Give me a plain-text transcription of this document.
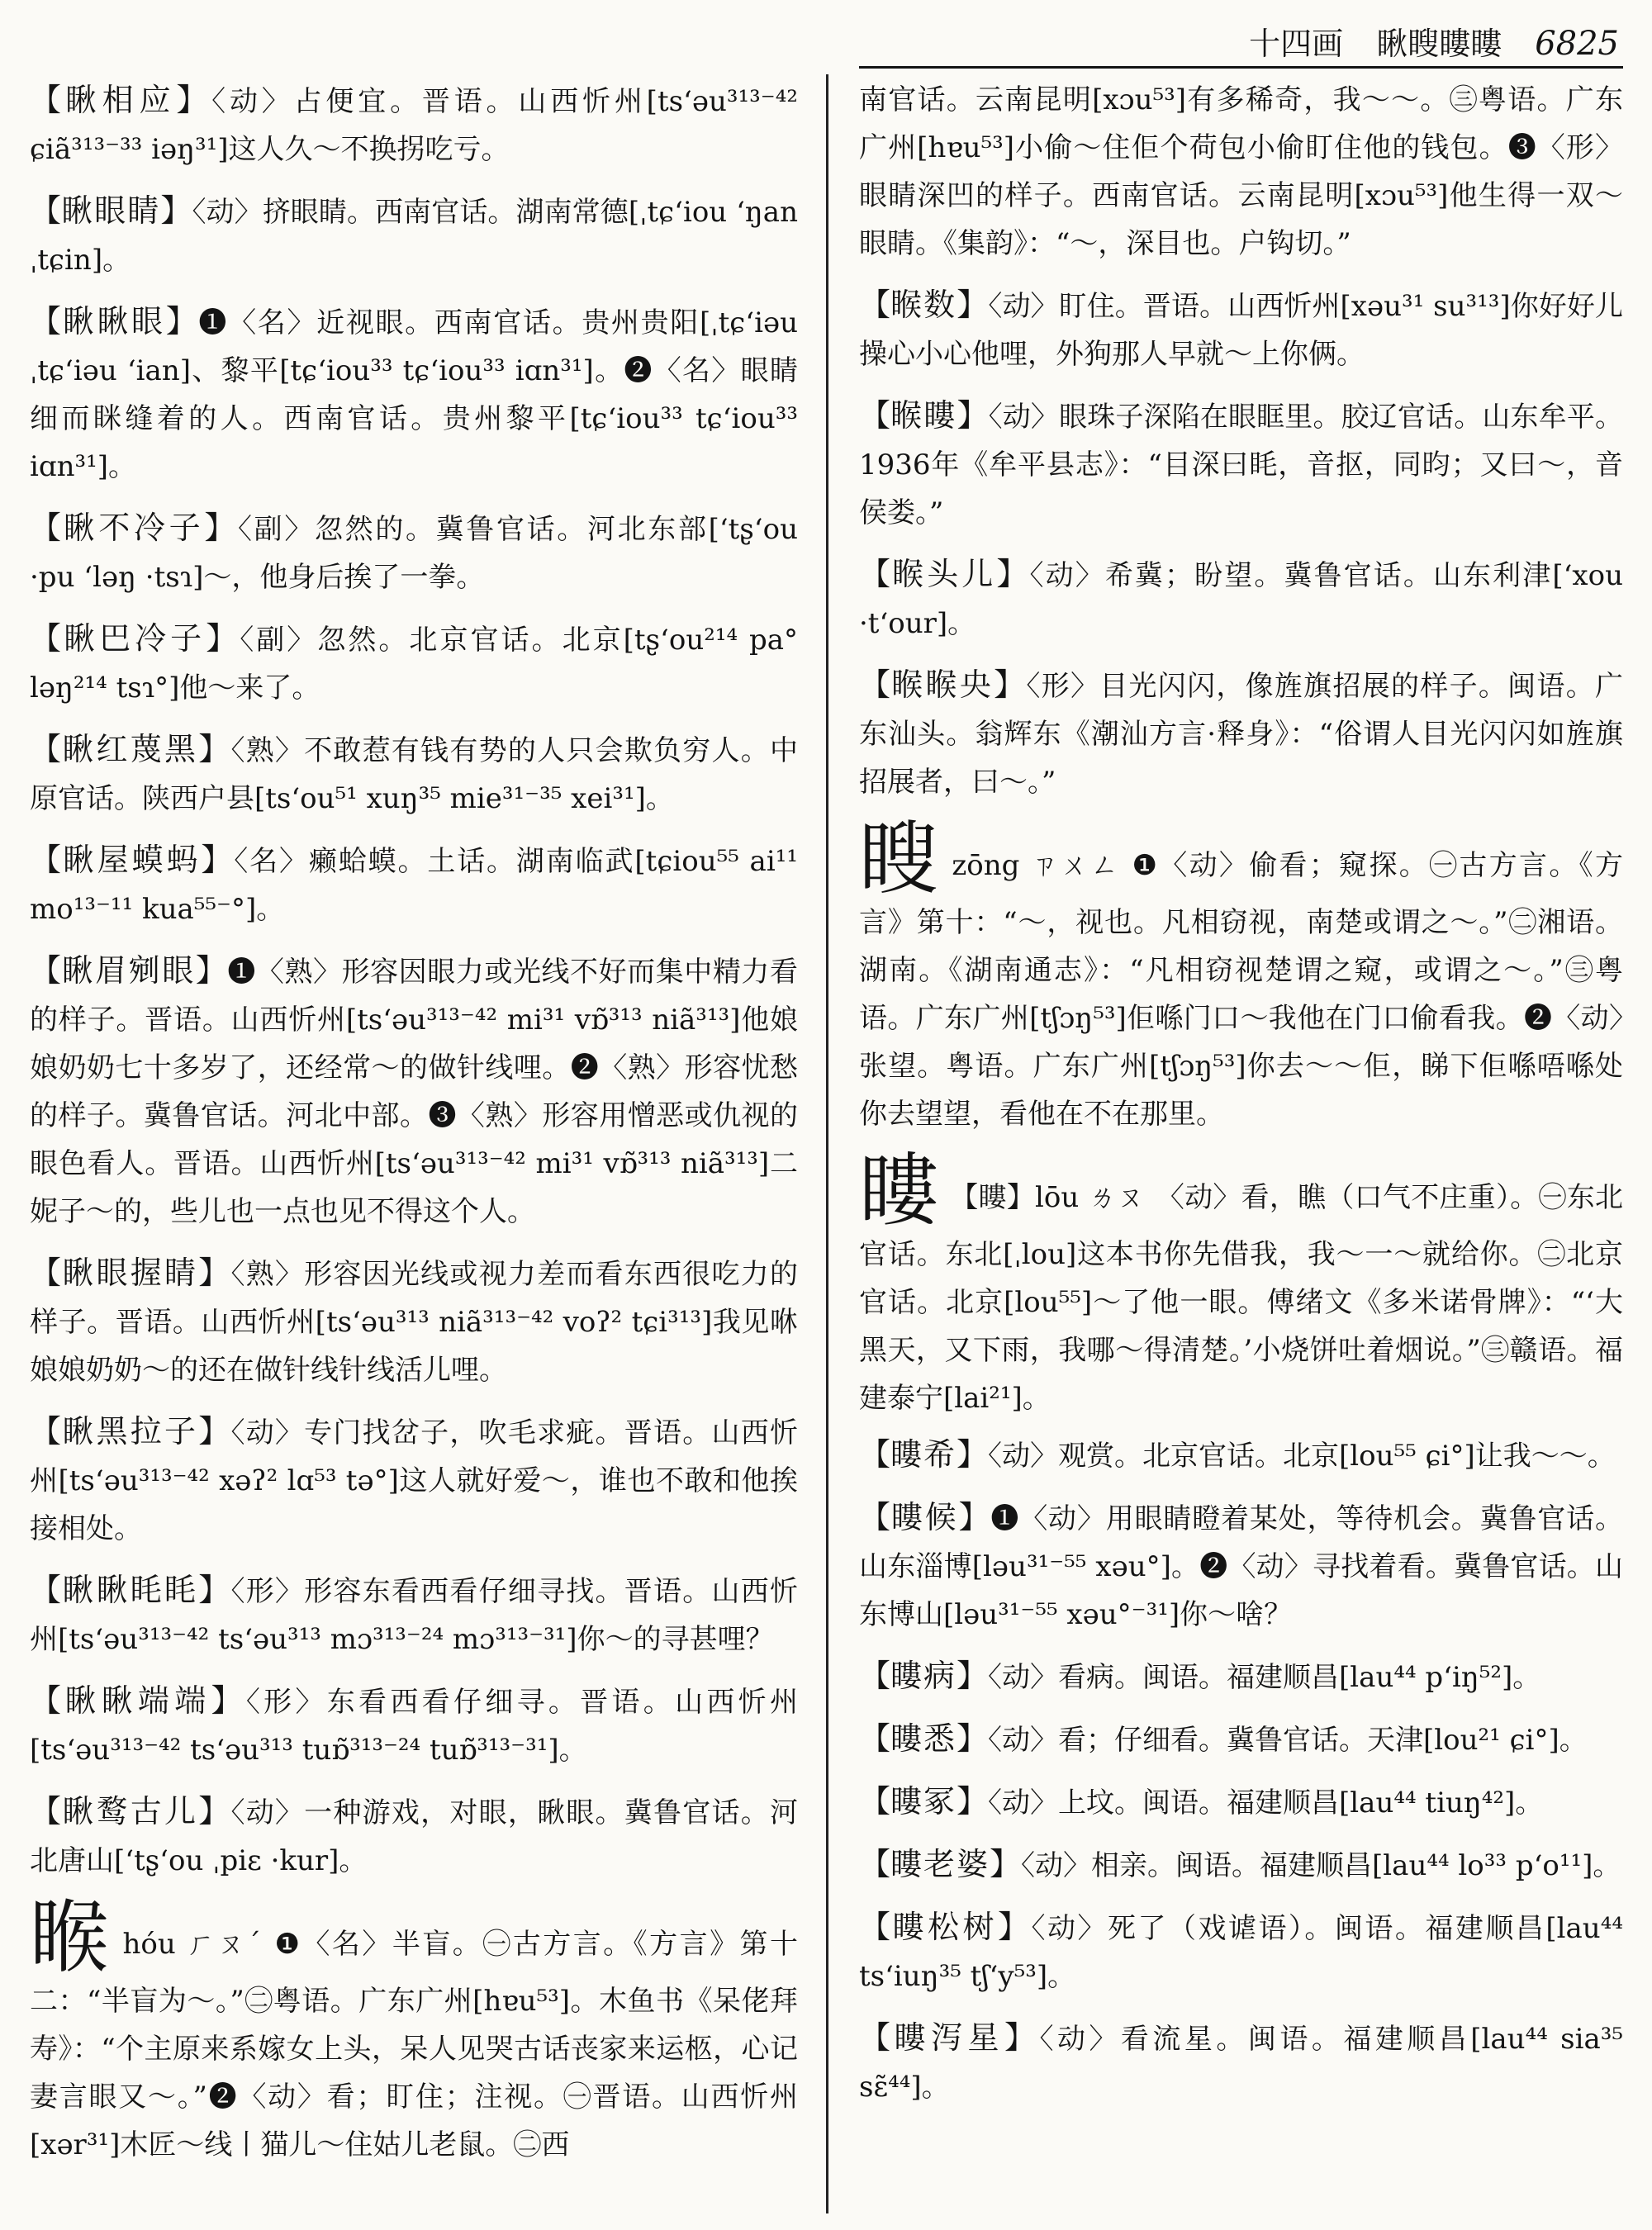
十四画 瞅瞍瞜瞜 6825
【瞅相应】〈动〉占便宜。晋语。山西忻州[tsʻəu³¹³⁻⁴² ɕiã³¹³⁻³³ iəŋ³¹]这人久～不换拐吃亏。
【瞅眼睛】〈动〉挤眼睛。西南官话。湖南常德[ˌtɕʻiou ʻŋan ˌtɕin]。
【瞅瞅眼】❶〈名〉近视眼。西南官话。贵州贵阳[ˌtɕʻiəu ˌtɕʻiəu ʻian]、黎平[tɕʻiou³³ tɕʻiou³³ iɑn³¹]。❷〈名〉眼睛细而眯缝着的人。西南官话。贵州黎平[tɕʻiou³³ tɕʻiou³³ iɑn³¹]。
【瞅不冷子】〈副〉忽然的。冀鲁官话。河北东部[ʻtʂʻou ·pu ʻləŋ ·tsɿ]～，他身后挨了一拳。
【瞅巴冷子】〈副〉忽然。北京官话。北京[tʂʻou²¹⁴ pa° ləŋ²¹⁴ tsɿ°]他～来了。
【瞅红蔑黑】〈熟〉不敢惹有钱有势的人只会欺负穷人。中原官话。陕西户县[tsʻou⁵¹ xuŋ³⁵ mie³¹⁻³⁵ xei³¹]。
【瞅屋蟆蚂】〈名〉癞蛤蟆。土话。湖南临武[tɕiou⁵⁵ ai¹¹ mo¹³⁻¹¹ kua⁵⁵⁻°]。
【瞅眉剜眼】❶〈熟〉形容因眼力或光线不好而集中精力看的样子。晋语。山西忻州[tsʻəu³¹³⁻⁴² mi³¹ vɒ̃³¹³ niã³¹³]他娘娘奶奶七十多岁了，还经常～的做针线哩。❷〈熟〉形容忧愁的样子。冀鲁官话。河北中部。❸〈熟〉形容用憎恶或仇视的眼色看人。晋语。山西忻州[tsʻəu³¹³⁻⁴² mi³¹ vɒ̃³¹³ niã³¹³]二妮子～的，些儿也一点也见不得这个人。
【瞅眼握睛】〈熟〉形容因光线或视力差而看东西很吃力的样子。晋语。山西忻州[tsʻəu³¹³ niã³¹³⁻⁴² voʔ² tɕi³¹³]我见咻娘娘奶奶～的还在做针线针线活儿哩。
【瞅黑拉子】〈动〉专门找岔子，吹毛求疵。晋语。山西忻州[tsʻəu³¹³⁻⁴² xəʔ² lɑ⁵³ tə°]这人就好爱～，谁也不敢和他挨接相处。
【瞅瞅眊眊】〈形〉形容东看西看仔细寻找。晋语。山西忻州[tsʻəu³¹³⁻⁴² tsʻəu³¹³ mɔ³¹³⁻²⁴ mɔ³¹³⁻³¹]你～的寻甚哩？
【瞅瞅端端】〈形〉东看西看仔细寻。晋语。山西忻州[tsʻəu³¹³⁻⁴² tsʻəu³¹³ tuɒ̃³¹³⁻²⁴ tuɒ̃³¹³⁻³¹]。
【瞅鹜古儿】〈动〉一种游戏，对眼，瞅眼。冀鲁官话。河北唐山[ʻtʂʻou ˌpiɛ ·kur]。
睺hóu ㄏㄡˊ ❶〈名〉半盲。㊀古方言。《方言》第十二：“半盲为～。”㊁粤语。广东广州[hɐu⁵³]。木鱼书《呆佬拜寿》：“个主原来系嫁女上头，呆人见哭古话丧家来运柩，心记妻言眼又～。”❷〈动〉看；盯住；注视。㊀晋语。山西忻州[xər³¹]木匠～线丨猫儿～住姑儿老鼠。㊁西
南官话。云南昆明[xɔu⁵³]有多稀奇，我～～。㊂粤语。广东广州[hɐu⁵³]小偷～住佢个荷包小偷盯住他的钱包。❸〈形〉眼睛深凹的样子。西南官话。云南昆明[xɔu⁵³]他生得一双～眼睛。《集韵》：“～，深目也。户钩切。”
【睺数】〈动〉盯住。晋语。山西忻州[xəu³¹ su³¹³]你好好儿操心小心他哩，外狗那人早就～上你俩。
【睺瞜】〈动〉眼珠子深陷在眼眶里。胶辽官话。山东牟平。1936年《牟平县志》：“目深曰眊，音抠，同昀；又曰～，音侯娄。”
【睺头儿】〈动〉希冀；盼望。冀鲁官话。山东利津[ʻxou ·tʻour]。
【睺睺央】〈形〉目光闪闪，像旌旗招展的样子。闽语。广东汕头。翁辉东《潮汕方言·释身》：“俗谓人目光闪闪如旌旗招展者，曰～。”
瞍zōng ㄗㄨㄥ ❶〈动〉偷看；窥探。㊀古方言。《方言》第十：“～，视也。凡相窃视，南楚或谓之～。”㊁湘语。湖南。《湖南通志》：“凡相窃视楚谓之窥，或谓之～。”㊂粤语。广东广州[tʃɔŋ⁵³]佢喺门口～我他在门口偷看我。❷〈动〉张望。粤语。广东广州[tʃɔŋ⁵³]你去～～佢，睇下佢喺唔喺处你去望望，看他在不在那里。
瞜 【瞜】lōu ㄌㄡ 〈动〉看，瞧（口气不庄重）。㊀东北官话。东北[ˌlou]这本书你先借我，我～一～就给你。㊁北京官话。北京[lou⁵⁵]～了他一眼。傅绪文《多米诺骨牌》：“‘大黑天，又下雨，我哪～得清楚。’小烧饼吐着烟说。”㊂赣语。福建泰宁[lai²¹]。
【瞜希】〈动〉观赏。北京官话。北京[lou⁵⁵ ɕi°]让我～～。
【瞜候】❶〈动〉用眼睛瞪着某处，等待机会。冀鲁官话。山东淄博[ləu³¹⁻⁵⁵ xəu°]。❷〈动〉寻找着看。冀鲁官话。山东博山[ləu³¹⁻⁵⁵ xəu°⁻³¹]你～啥？
【瞜病】〈动〉看病。闽语。福建顺昌[lau⁴⁴ pʻiŋ⁵²]。
【瞜悉】〈动〉看；仔细看。冀鲁官话。天津[lou²¹ ɕi°]。
【瞜冢】〈动〉上坟。闽语。福建顺昌[lau⁴⁴ tiuŋ⁴²]。
【瞜老婆】〈动〉相亲。闽语。福建顺昌[lau⁴⁴ lo³³ pʻo¹¹]。
【瞜松树】〈动〉死了（戏谑语）。闽语。福建顺昌[lau⁴⁴ tsʻiuŋ³⁵ tʃʻy⁵³]。
【瞜泻星】〈动〉看流星。闽语。福建顺昌[lau⁴⁴ sia³⁵ sɛ̃⁴⁴]。
